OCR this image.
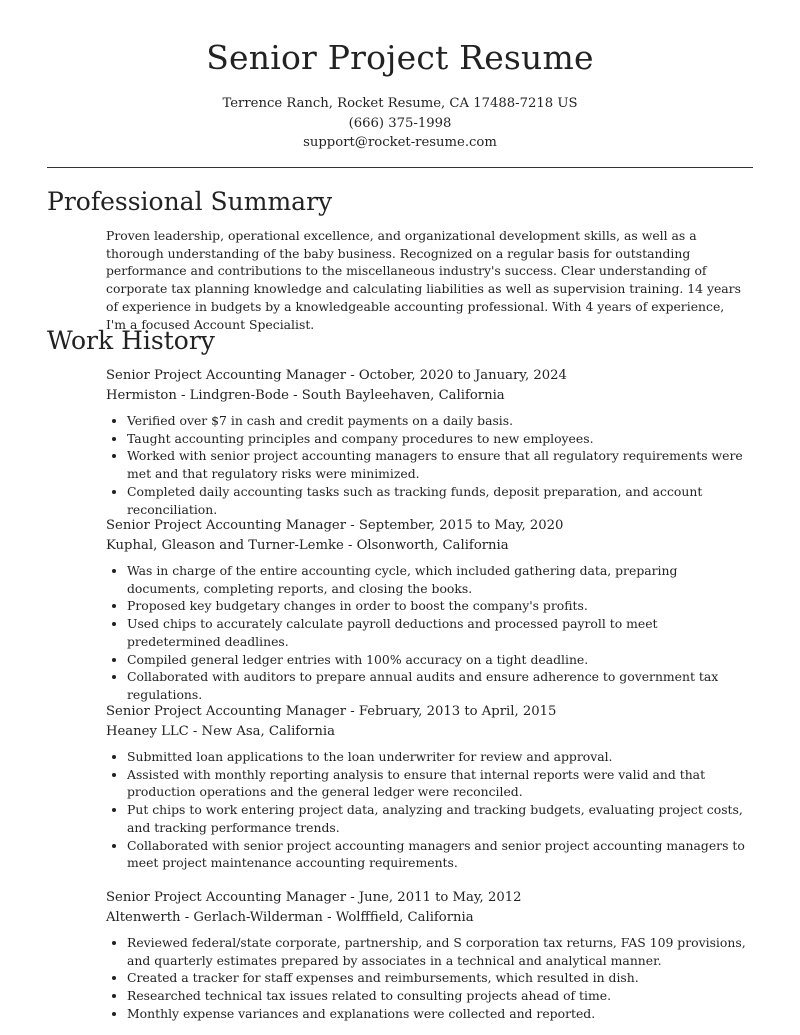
Senior Project Resume
Terrence Ranch, Rocket Resume, CA 17488-7218 US
(666) 375-1998
support@rocket-resume.com
Professional Summary

Proven leadership, operational excellence, and organizational development skills, as well as a thorough understanding of the baby business. Recognized on a regular basis for outstanding performance and contributions to the miscellaneous industry's success. Clear understanding of corporate tax planning knowledge and calculating liabilities as well as supervision training. 14 years of experience in budgets by a knowledgeable accounting professional. With 4 years of experience, I'm a focused Account Specialist.

Work History
Senior Project Accounting Manager - October, 2020 to January, 2024
Hermiston - Lindgren-Bode - South Bayleehaven, California
• Verified over $7 in cash and credit payments on a daily basis.
• Taught accounting principles and company procedures to new employees.
• Worked with senior project accounting managers to ensure that all regulatory requirements were met and that regulatory risks were minimized.
• Completed daily accounting tasks such as tracking funds, deposit preparation, and account reconciliation.
Senior Project Accounting Manager - September, 2015 to May, 2020
Kuphal, Gleason and Turner-Lemke - Olsonworth, California
• Was in charge of the entire accounting cycle, which included gathering data, preparing documents, completing reports, and closing the books.
• Proposed key budgetary changes in order to boost the company's profits.
• Used chips to accurately calculate payroll deductions and processed payroll to meet predetermined deadlines.
• Compiled general ledger entries with 100% accuracy on a tight deadline.
• Collaborated with auditors to prepare annual audits and ensure adherence to government tax regulations.
Senior Project Accounting Manager - February, 2013 to April, 2015
Heaney LLC - New Asa, California
• Submitted loan applications to the loan underwriter for review and approval.
• Assisted with monthly reporting analysis to ensure that internal reports were valid and that production operations and the general ledger were reconciled.
• Put chips to work entering project data, analyzing and tracking budgets, evaluating project costs, and tracking performance trends.
• Collaborated with senior project accounting managers and senior project accounting managers to meet project maintenance accounting requirements.
Senior Project Accounting Manager - June, 2011 to May, 2012
Altenwerth - Gerlach-Wilderman - Wolfffield, California
• Reviewed federal/state corporate, partnership, and S corporation tax returns, FAS 109 provisions, and quarterly estimates prepared by associates in a technical and analytical manner.
• Created a tracker for staff expenses and reimbursements, which resulted in dish.
• Researched technical tax issues related to consulting projects ahead of time.
• Monthly expense variances and explanations were collected and reported.
